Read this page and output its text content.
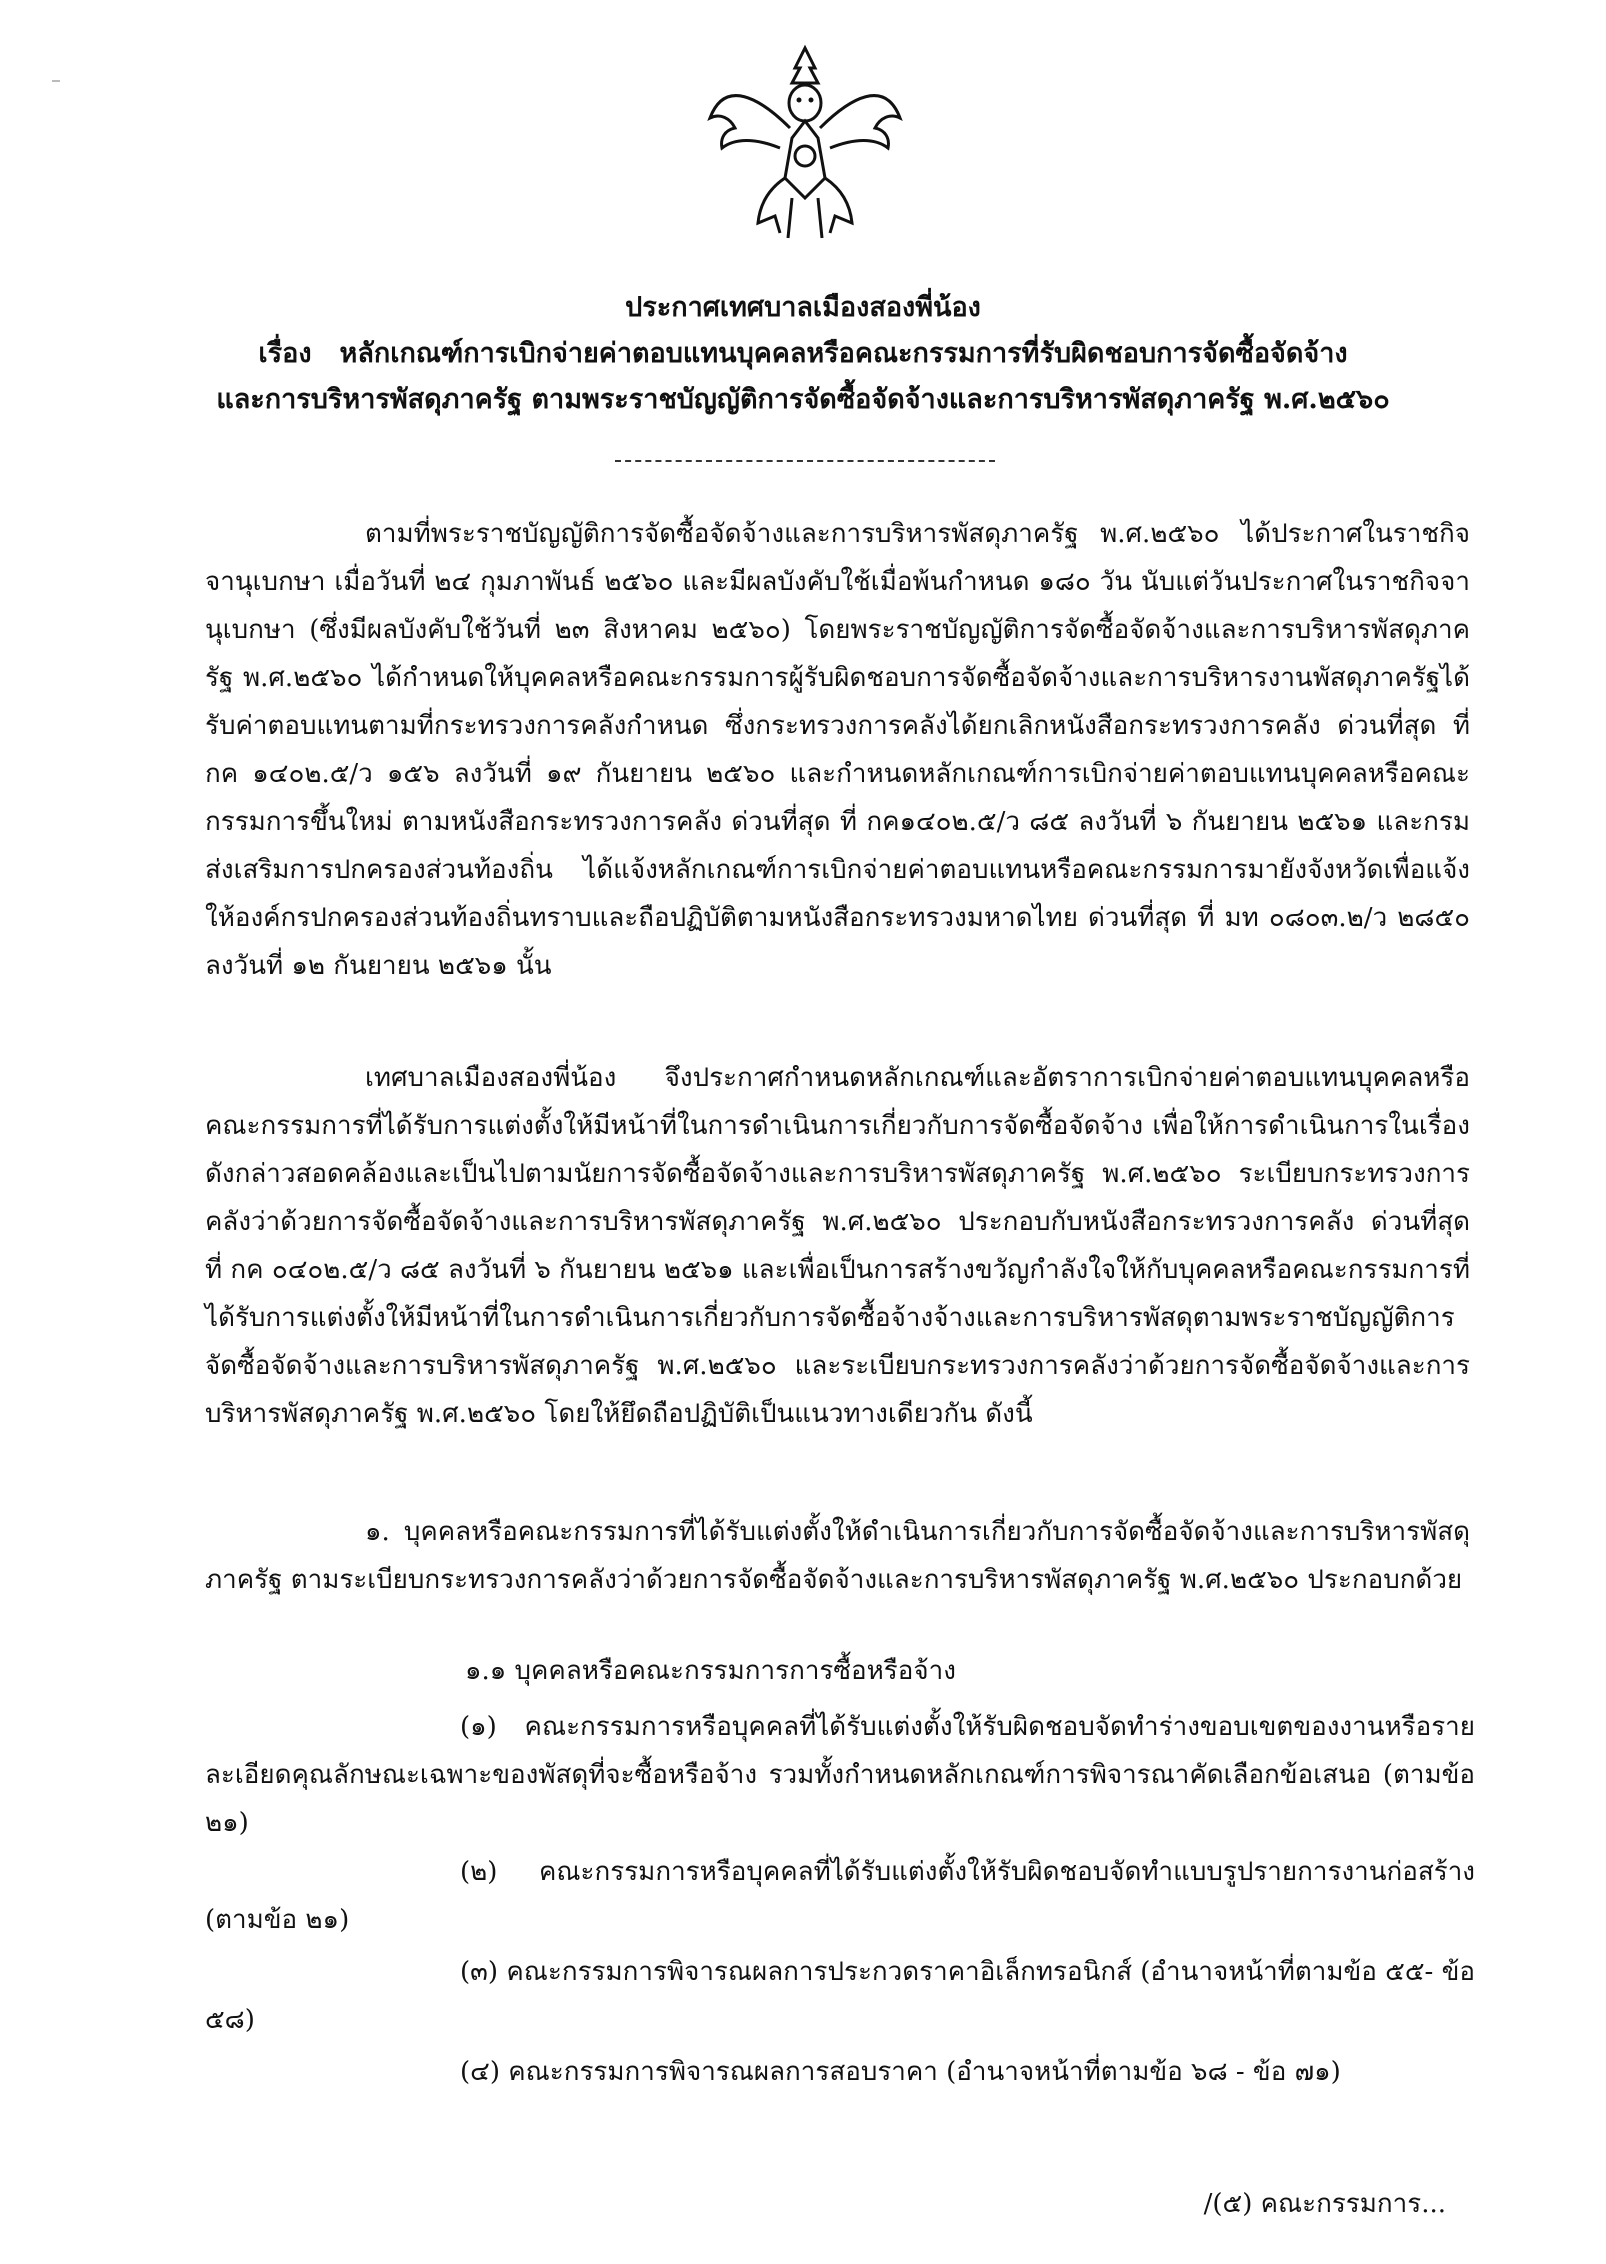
ประกาศเทศบาลเมืองสองพี่น้อง
เรื่อง หลักเกณฑ์การเบิกจ่ายค่าตอบแทนบุคคลหรือคณะกรรมการที่รับผิดชอบการจัดซื้อจัดจ้าง
และการบริหารพัสดุภาครัฐ ตามพระราชบัญญัติการจัดซื้อจัดจ้างและการบริหารพัสดุภาครัฐ พ.ศ.๒๕๖๐
ตามที่พระราชบัญญัติการจัดซื้อจัดจ้างและการบริหารพัสดุภาครัฐ พ.ศ.๒๕๖๐ ได้ประกาศในราชกิจจานุเบกษา เมื่อวันที่ ๒๔ กุมภาพันธ์ ๒๕๖๐ และมีผลบังคับใช้เมื่อพ้นกำหนด ๑๘๐ วัน นับแต่วันประกาศในราชกิจจานุเบกษา (ซึ่งมีผลบังคับใช้วันที่ ๒๓ สิงหาคม ๒๕๖๐) โดยพระราชบัญญัติการจัดซื้อจัดจ้างและการบริหารพัสดุภาครัฐ พ.ศ.๒๕๖๐ ได้กำหนดให้บุคคลหรือคณะกรรมการผู้รับผิดชอบการจัดซื้อจัดจ้างและการบริหารงานพัสดุภาครัฐได้รับค่าตอบแทนตามที่กระทรวงการคลังกำหนด ซึ่งกระทรวงการคลังได้ยกเลิกหนังสือกระทรวงการคลัง ด่วนที่สุด ที่ กค ๑๔๐๒.๕/ว ๑๕๖ ลงวันที่ ๑๙ กันยายน ๒๕๖๐ และกำหนดหลักเกณฑ์การเบิกจ่ายค่าตอบแทนบุคคลหรือคณะกรรมการขึ้นใหม่ ตามหนังสือกระทรวงการคลัง ด่วนที่สุด ที่ กค๑๔๐๒.๕/ว ๘๕ ลงวันที่ ๖ กันยายน ๒๕๖๑ และกรมส่งเสริมการปกครองส่วนท้องถิ่น ได้แจ้งหลักเกณฑ์การเบิกจ่ายค่าตอบแทนหรือคณะกรรมการมายังจังหวัดเพื่อแจ้งให้องค์กรปกครองส่วนท้องถิ่นทราบและถือปฏิบัติตามหนังสือกระทรวงมหาดไทย ด่วนที่สุด ที่ มท ๐๘๐๓.๒/ว ๒๘๕๐ ลงวันที่ ๑๒ กันยายน ๒๕๖๑ นั้น
เทศบาลเมืองสองพี่น้อง จึงประกาศกำหนดหลักเกณฑ์และอัตราการเบิกจ่ายค่าตอบแทนบุคคลหรือคณะกรรมการที่ได้รับการแต่งตั้งให้มีหน้าที่ในการดำเนินการเกี่ยวกับการจัดซื้อจัดจ้าง เพื่อให้การดำเนินการในเรื่องดังกล่าวสอดคล้องและเป็นไปตามนัยการจัดซื้อจัดจ้างและการบริหารพัสดุภาครัฐ พ.ศ.๒๕๖๐ ระเบียบกระทรวงการคลังว่าด้วยการจัดซื้อจัดจ้างและการบริหารพัสดุภาครัฐ พ.ศ.๒๕๖๐ ประกอบกับหนังสือกระทรวงการคลัง ด่วนที่สุด ที่ กค ๐๔๐๒.๕/ว ๘๕ ลงวันที่ ๖ กันยายน ๒๕๖๑ และเพื่อเป็นการสร้างขวัญกำลังใจให้กับบุคคลหรือคณะกรรมการที่ได้รับการแต่งตั้งให้มีหน้าที่ในการดำเนินการเกี่ยวกับการจัดซื้อจ้างจ้างและการบริหารพัสดุตามพระราชบัญญัติการจัดซื้อจัดจ้างและการบริหารพัสดุภาครัฐ พ.ศ.๒๕๖๐ และระเบียบกระทรวงการคลังว่าด้วยการจัดซื้อจัดจ้างและการบริหารพัสดุภาครัฐ พ.ศ.๒๕๖๐ โดยให้ยึดถือปฏิบัติเป็นแนวทางเดียวกัน ดังนี้
๑. บุคคลหรือคณะกรรมการที่ได้รับแต่งตั้งให้ดำเนินการเกี่ยวกับการจัดซื้อจัดจ้างและการบริหารพัสดุภาครัฐ ตามระเบียบกระทรวงการคลังว่าด้วยการจัดซื้อจัดจ้างและการบริหารพัสดุภาครัฐ พ.ศ.๒๕๖๐ ประกอบกด้วย
๑.๑ บุคคลหรือคณะกรรมการการซื้อหรือจ้าง
(๑) คณะกรรมการหรือบุคคลที่ได้รับแต่งตั้งให้รับผิดชอบจัดทำร่างขอบเขตของงานหรือรายละเอียดคุณลักษณะเฉพาะของพัสดุที่จะซื้อหรือจ้าง รวมทั้งกำหนดหลักเกณฑ์การพิจารณาคัดเลือกข้อเสนอ (ตามข้อ ๒๑)
(๒) คณะกรรมการหรือบุคคลที่ได้รับแต่งตั้งให้รับผิดชอบจัดทำแบบรูปรายการงานก่อสร้าง (ตามข้อ ๒๑)
(๓) คณะกรรมการพิจารณผลการประกวดราคาอิเล็กทรอนิกส์ (อำนาจหน้าที่ตามข้อ ๕๕- ข้อ ๕๘)
(๔) คณะกรรมการพิจารณผลการสอบราคา (อำนาจหน้าที่ตามข้อ ๖๘ - ข้อ ๗๑)
/(๕) คณะกรรมการ...
